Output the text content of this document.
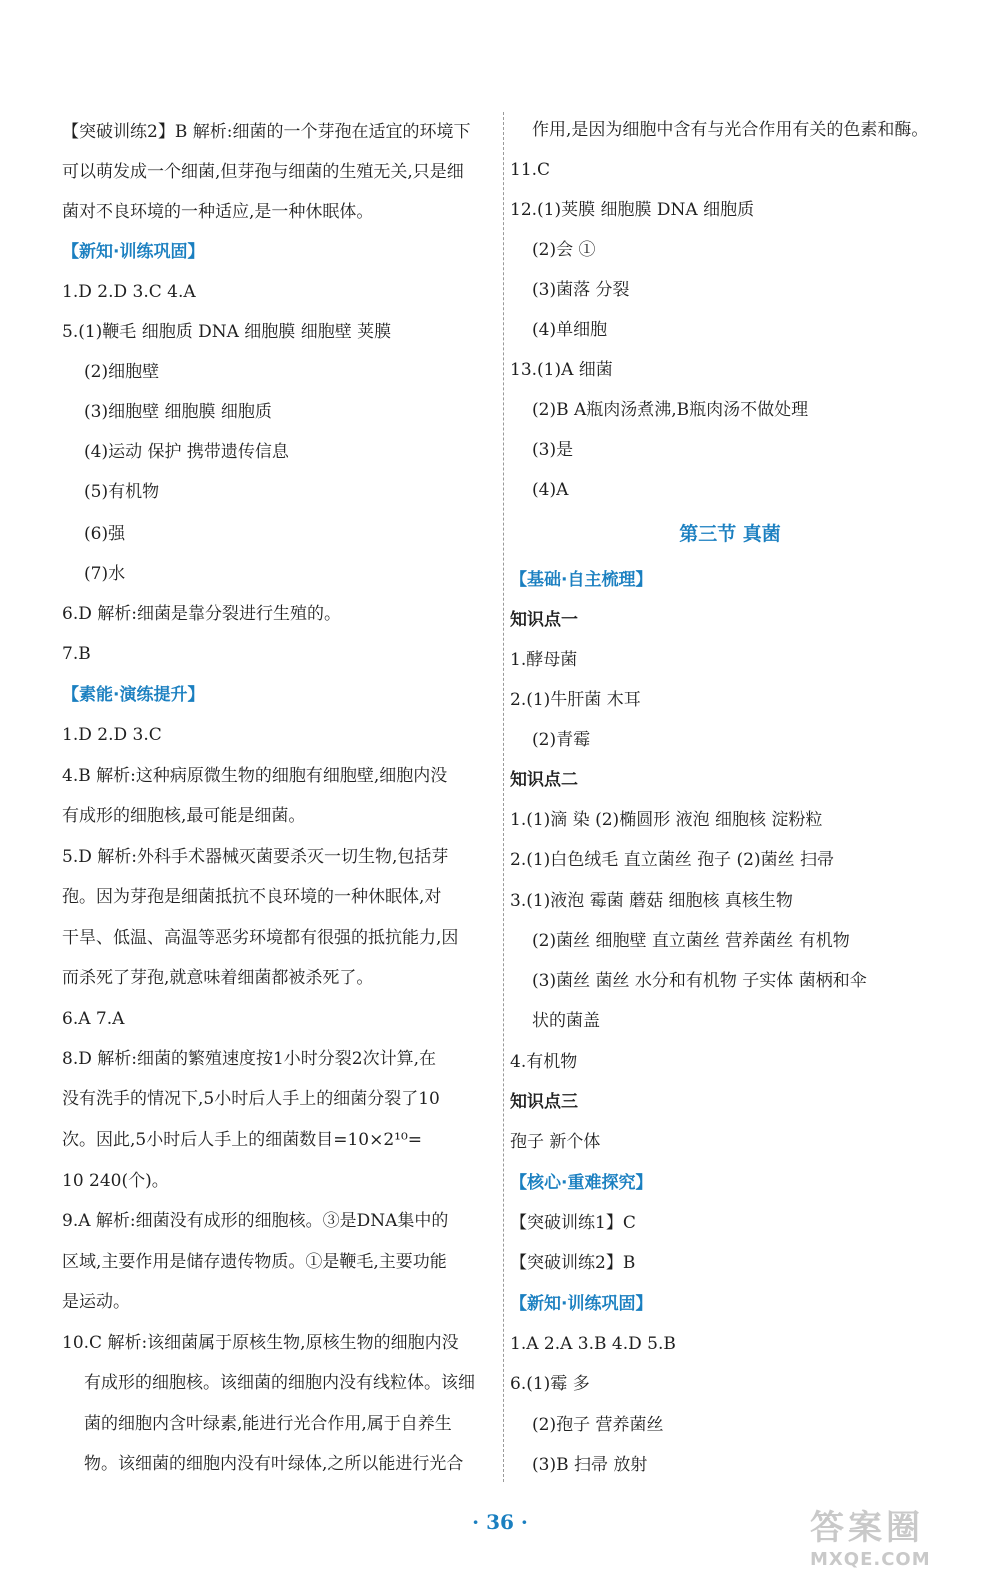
【突破训练2】B 解析:细菌的一个芽孢在适宜的环境下
可以萌发成一个细菌,但芽孢与细菌的生殖无关,只是细
菌对不良环境的一种适应,是一种休眠体。
【新知·训练巩固】
1.D 2.D 3.C 4.A
5.(1)鞭毛 细胞质 DNA 细胞膜 细胞壁 荚膜
(2)细胞壁
(3)细胞壁 细胞膜 细胞质
(4)运动 保护 携带遗传信息
(5)有机物
(6)强
(7)水
6.D 解析:细菌是靠分裂进行生殖的。
7.B
【素能·演练提升】
1.D 2.D 3.C
4.B 解析:这种病原微生物的细胞有细胞壁,细胞内没
有成形的细胞核,最可能是细菌。
5.D 解析:外科手术器械灭菌要杀灭一切生物,包括芽
孢。因为芽孢是细菌抵抗不良环境的一种休眠体,对
干旱、低温、高温等恶劣环境都有很强的抵抗能力,因
而杀死了芽孢,就意味着细菌都被杀死了。
6.A 7.A
8.D 解析:细菌的繁殖速度按1小时分裂2次计算,在
没有洗手的情况下,5小时后人手上的细菌分裂了10
次。因此,5小时后人手上的细菌数目=10×2¹⁰=
10 240(个)。
9.A 解析:细菌没有成形的细胞核。③是DNA集中的
区域,主要作用是储存遗传物质。①是鞭毛,主要功能
是运动。
10.C 解析:该细菌属于原核生物,原核生物的细胞内没
有成形的细胞核。该细菌的细胞内没有线粒体。该细
菌的细胞内含叶绿素,能进行光合作用,属于自养生
物。该细菌的细胞内没有叶绿体,之所以能进行光合
作用,是因为细胞中含有与光合作用有关的色素和酶。
11.C
12.(1)荚膜 细胞膜 DNA 细胞质
(2)会 ①
(3)菌落 分裂
(4)单细胞
13.(1)A 细菌
(2)B A瓶肉汤煮沸,B瓶肉汤不做处理
(3)是
(4)A
第三节 真菌
【基础·自主梳理】
知识点一
1.酵母菌
2.(1)牛肝菌 木耳
(2)青霉
知识点二
1.(1)滴 染 (2)椭圆形 液泡 细胞核 淀粉粒
2.(1)白色绒毛 直立菌丝 孢子 (2)菌丝 扫帚
3.(1)液泡 霉菌 蘑菇 细胞核 真核生物
(2)菌丝 细胞壁 直立菌丝 营养菌丝 有机物
(3)菌丝 菌丝 水分和有机物 子实体 菌柄和伞
状的菌盖
4.有机物
知识点三
孢子 新个体
【核心·重难探究】
【突破训练1】C
【突破训练2】B
【新知·训练巩固】
1.A 2.A 3.B 4.D 5.B
6.(1)霉 多
(2)孢子 营养菌丝
(3)B 扫帚 放射
· 36 ·	答案圈
MXQE.COM
